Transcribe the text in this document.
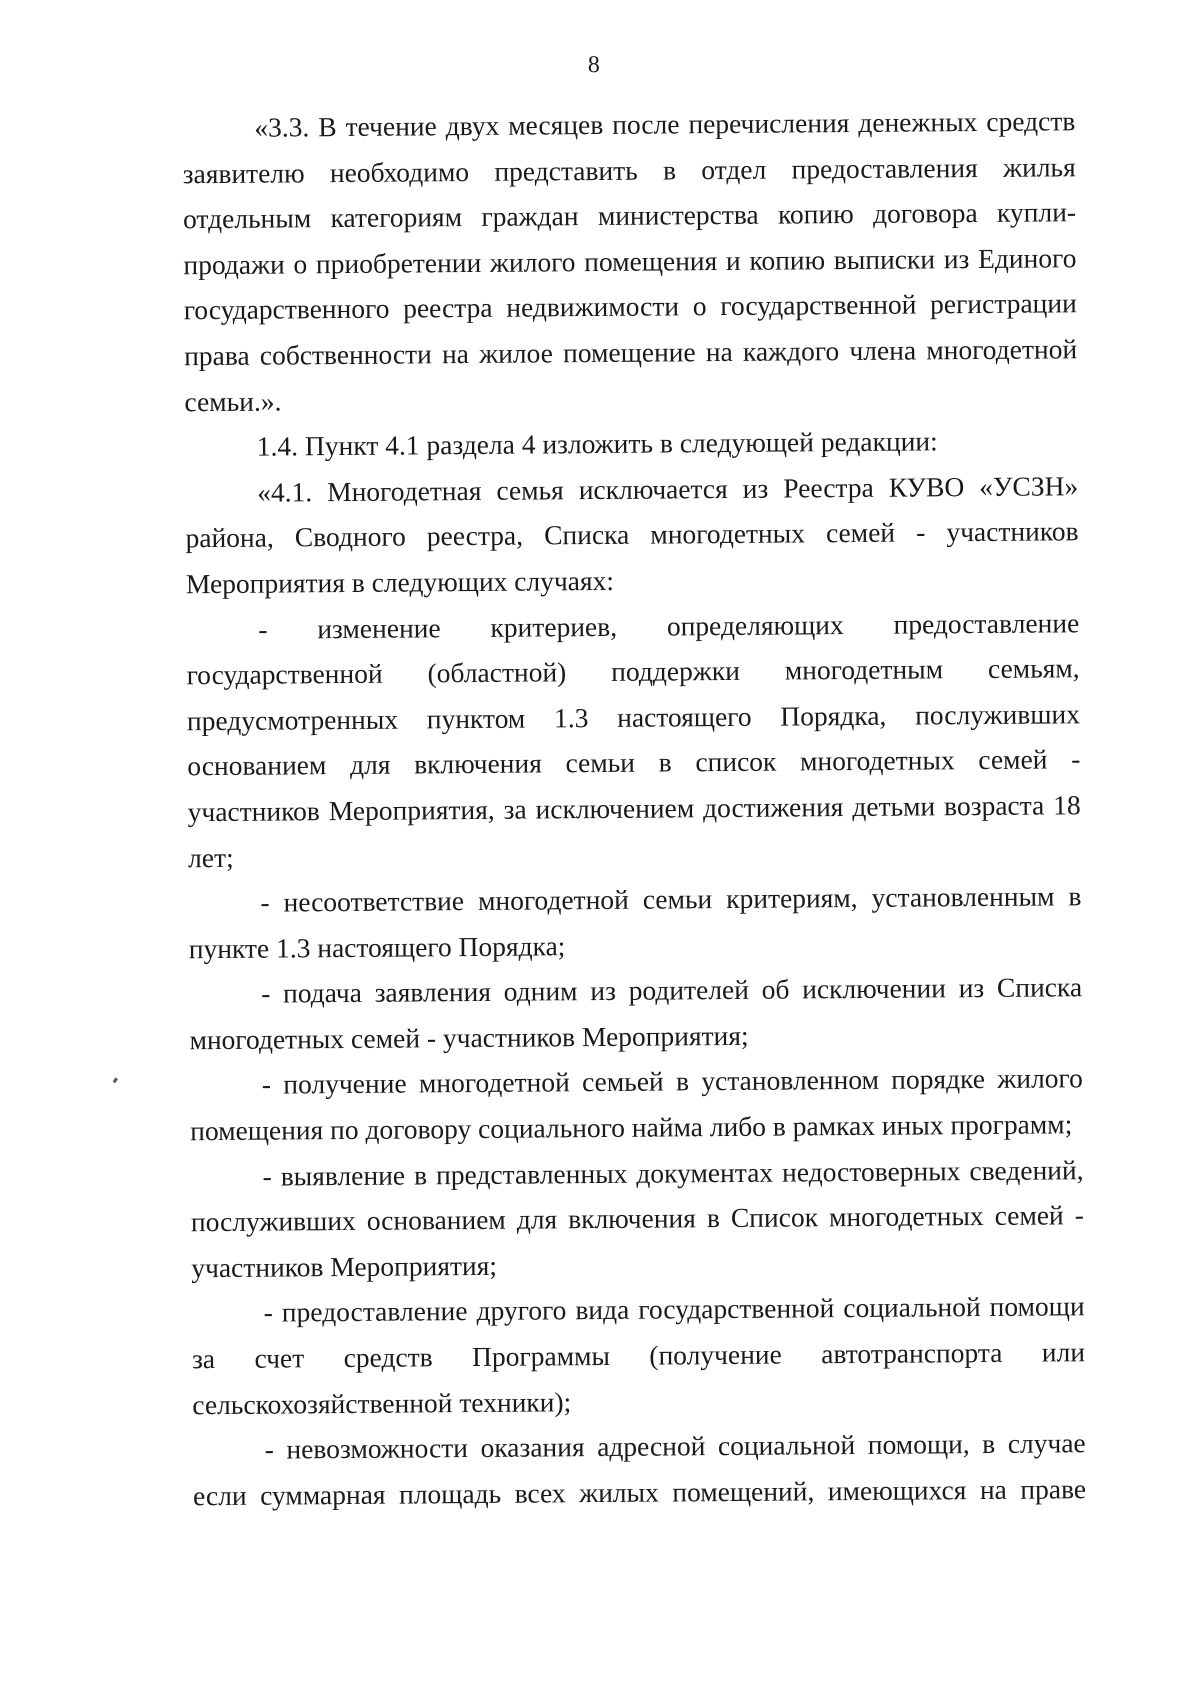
8

«3.3. В течение двух месяцев после перечисления денежных средств заявителю необходимо представить в отдел предоставления жилья отдельным категориям граждан министерства копию договора купли-продажи о приобретении жилого помещения и копию выписки из Единого государственного реестра недвижимости о государственной регистрации права собственности на жилое помещение на каждого члена многодетной семьи.».

1.4. Пункт 4.1 раздела 4 изложить в следующей редакции:

«4.1. Многодетная семья исключается из Реестра КУВО «УСЗН» района, Сводного реестра, Списка многодетных семей - участников Мероприятия в следующих случаях:

- изменение критериев, определяющих предоставление государственной (областной) поддержки многодетным семьям, предусмотренных пунктом 1.3 настоящего Порядка, послуживших основанием для включения семьи в список многодетных семей - участников Мероприятия, за исключением достижения детьми возраста 18 лет;

- несоответствие многодетной семьи критериям, установленным в пункте 1.3 настоящего Порядка;

- подача заявления одним из родителей об исключении из Списка многодетных семей - участников Мероприятия;

- получение многодетной семьей в установленном порядке жилого помещения по договору социального найма либо в рамках иных программ;

- выявление в представленных документах недостоверных сведений, послуживших основанием для включения в Список многодетных семей - участников Мероприятия;

- предоставление другого вида государственной социальной помощи за счет средств Программы (получение автотранспорта или сельскохозяйственной техники);

- невозможности оказания адресной социальной помощи, в случае если суммарная площадь всех жилых помещений, имеющихся на праве
